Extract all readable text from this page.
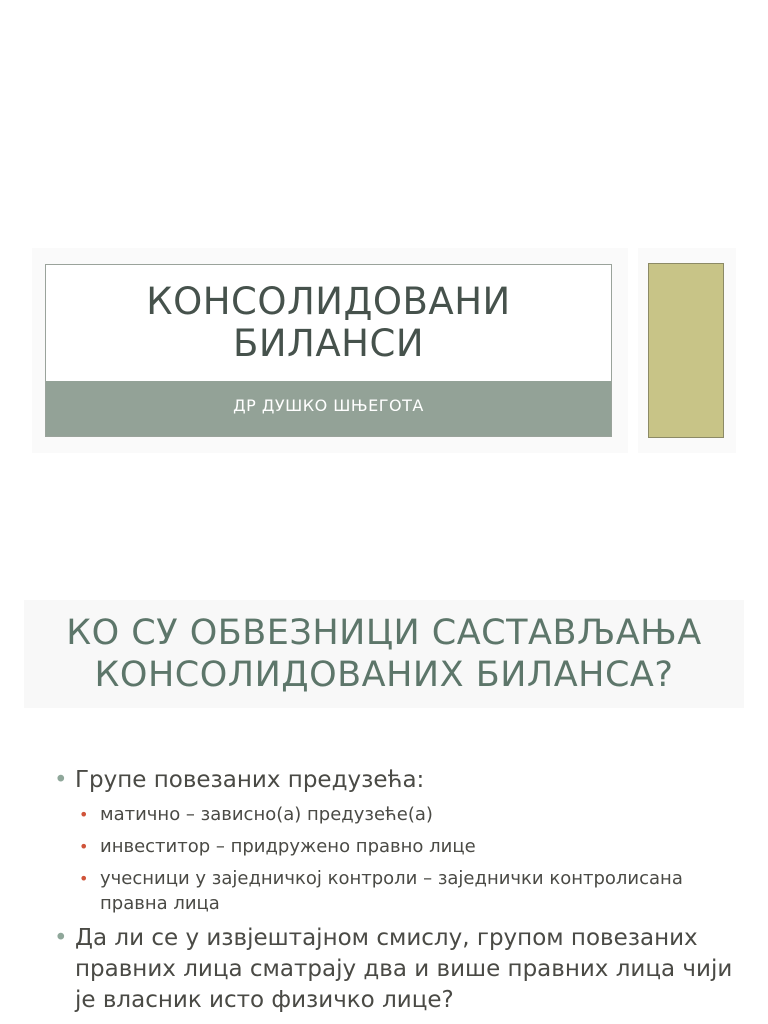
КОНСОЛИДОВАНИ
БИЛАНСИ
ДР ДУШКО ШЊЕГОТА
КО СУ ОБВЕЗНИЦИ САСТАВЉАЊА
КОНСОЛИДОВАНИХ БИЛАНСА?
• Групе повезаних предузећа:
• матично – зависно(а) предузеће(а)
• инвеститор – придружено правно лице
• учесници у заједничкој контроли – заједнички контролисана правна лица
• Да ли се у извјештајном смислу, групом повезаних правних лица сматрају два и више правних лица чији је власник исто физичко лице?
